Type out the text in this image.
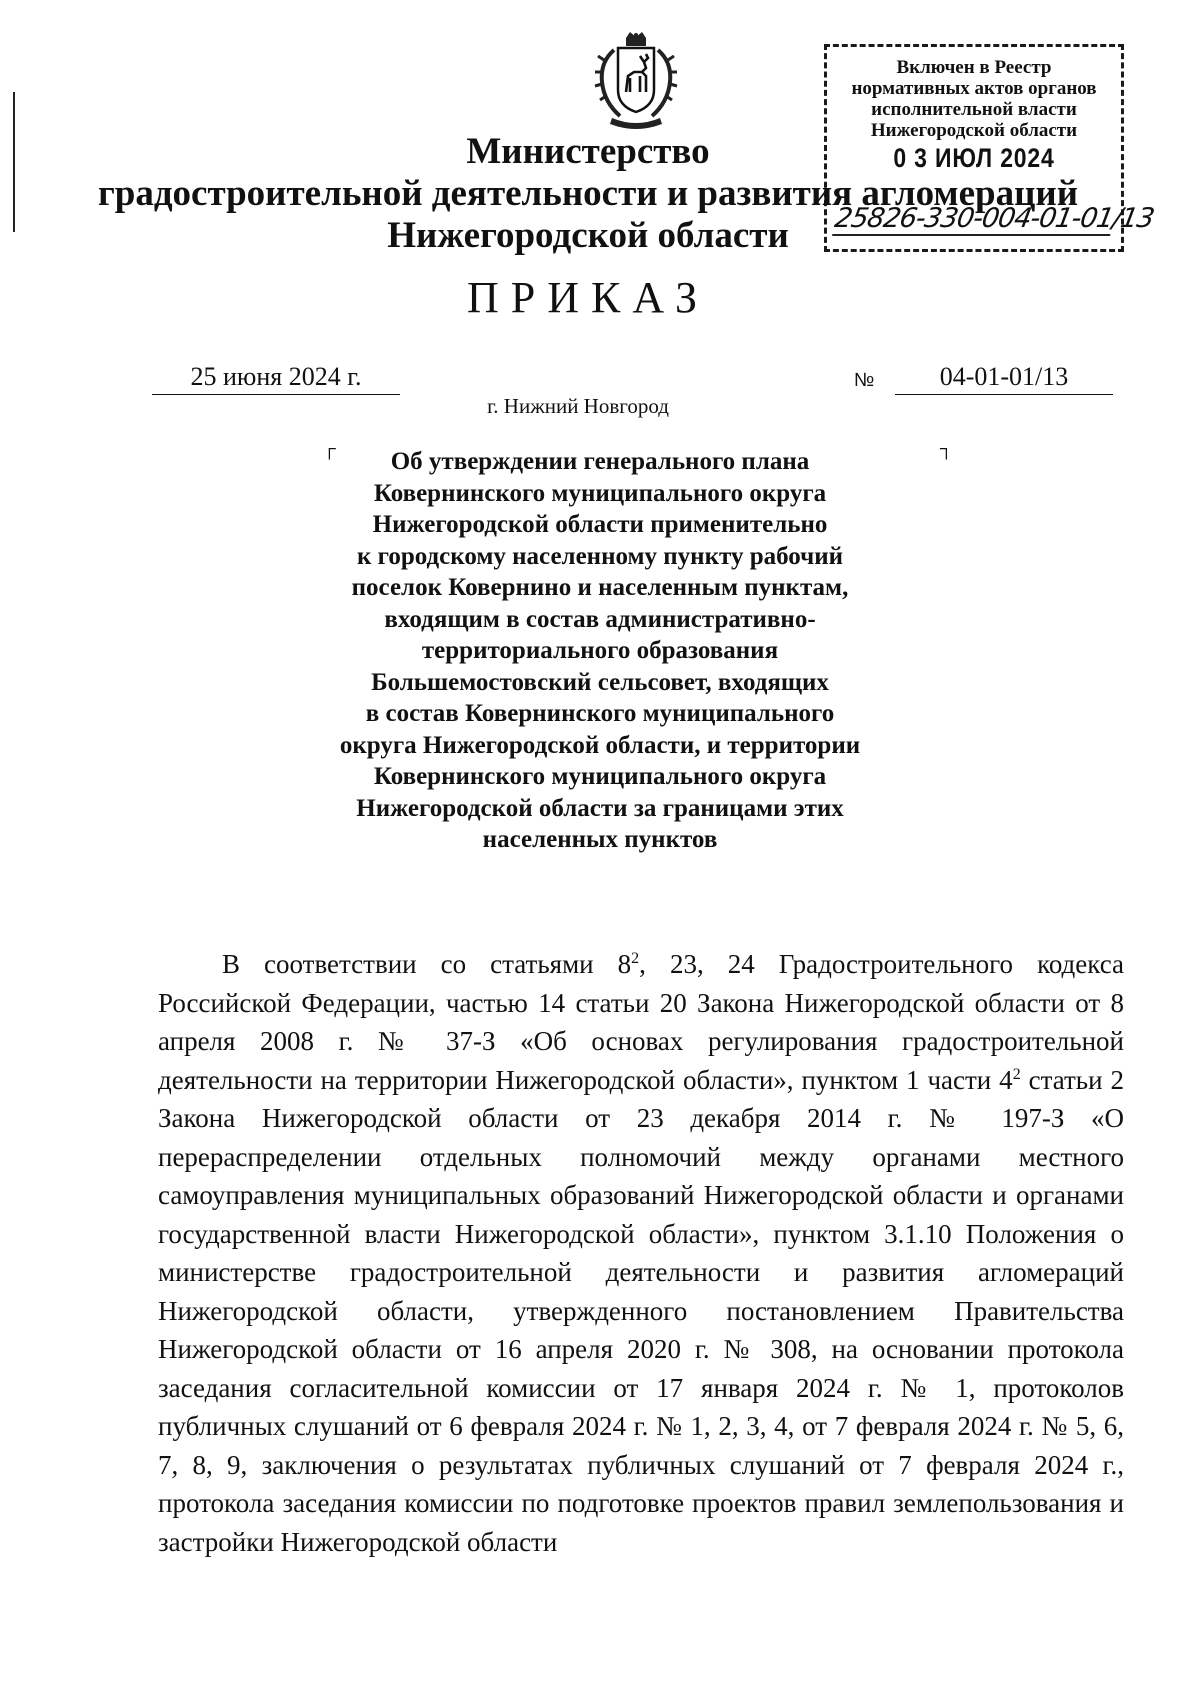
Включен в Реестр
нормативных актов органов
исполнительной власти
Нижегородской области
0 3 ИЮЛ 2024
25826-330-004-01-01/13
Министерство
градостроительной деятельности и развития агломераций
Нижегородской области
ПРИКАЗ
25 июня 2024 г.	№	04-01-01/13
г. Нижний Новгород
┌	┐
Об утверждении генерального плана
Ковернинского муниципального округа
Нижегородской области применительно
к городскому населенному пункту рабочий
поселок Ковернино и населенным пунктам,
входящим в состав административно-
территориального образования
Большемостовский сельсовет, входящих
в состав Ковернинского муниципального
округа Нижегородской области, и территории
Ковернинского муниципального округа
Нижегородской области за границами этих
населенных пунктов

В соответствии со статьями $8^2$, 23, 24 Градостроительного кодекса Российской Федерации, частью 14 статьи 20 Закона Нижегородской области от 8 апреля 2008 г. № 37-З «Об основах регулирования градостроительной деятельности на территории Нижегородской области», пунктом 1 части $4^2$ статьи 2 Закона Нижегородской области от 23 декабря 2014 г. № 197-З «О перераспределении отдельных полномочий между органами местного самоуправления муниципальных образований Нижегородской области и органами государственной власти Нижегородской области», пунктом 3.1.10 Положения о министерстве градостроительной деятельности и развития агломераций Нижегородской области, утвержденного постановлением Правительства Нижегородской области от 16 апреля 2020 г. № 308, на основании протокола заседания согласительной комиссии от 17 января 2024 г. № 1, протоколов публичных слушаний от 6 февраля 2024 г. № 1, 2, 3, 4, от 7 февраля 2024 г. № 5, 6, 7, 8, 9, заключения о результатах публичных слушаний от 7 февраля 2024 г., протокола заседания комиссии по подготовке проектов правил землепользования и застройки Нижегородской области
